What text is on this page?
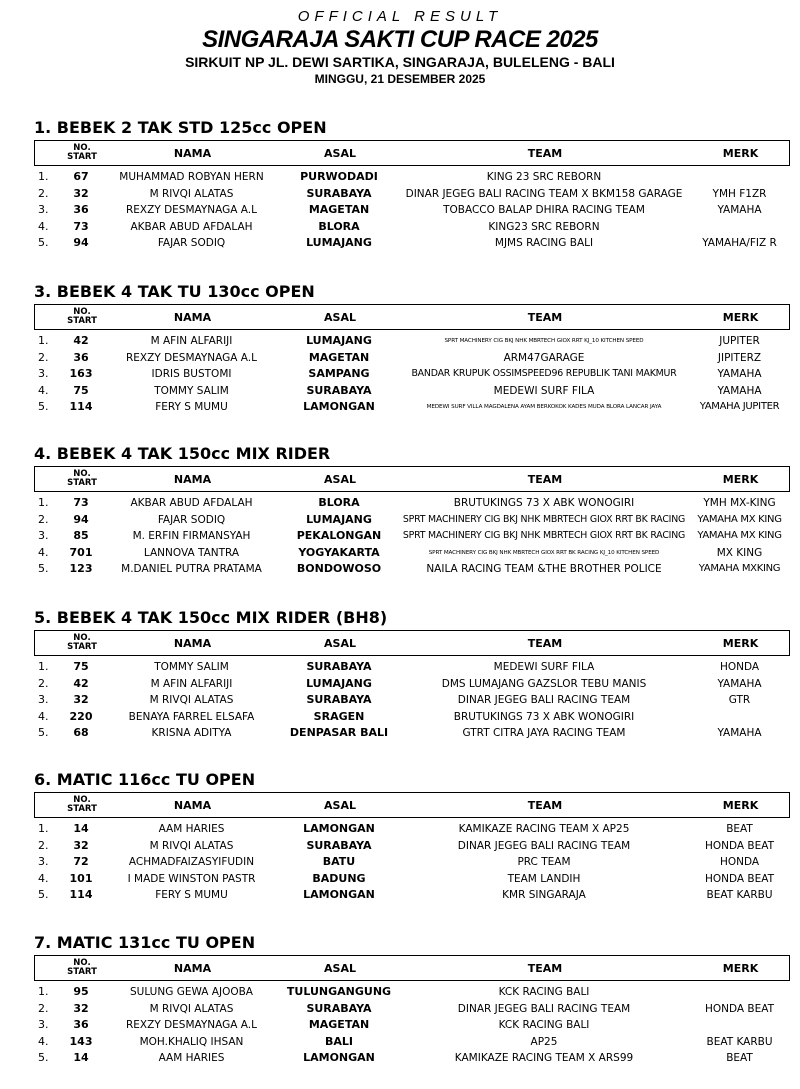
OFFICIAL RESULT
SINGARAJA SAKTI CUP RACE 2025
SIRKUIT NP JL. DEWI SARTIKA, SINGARAJA, BULELENG - BALI
MINGGU, 21 DESEMBER 2025
1. BEBEK 2 TAK STD 125cc OPEN
NO.
START	NAMA	ASAL	TEAM	MERK
1.	67	MUHAMMAD ROBYAN HERN	PURWODADI	KING 23 SRC REBORN
2.	32	M RIVQI ALATAS	SURABAYA	DINAR JEGEG BALI RACING TEAM X BKM158 GARAGE	YMH F1ZR
3.	36	REXZY DESMAYNAGA A.L	MAGETAN	TOBACCO BALAP DHIRA RACING TEAM	YAMAHA
4.	73	AKBAR ABUD AFDALAH	BLORA	KING23 SRC REBORN
5.	94	FAJAR SODIQ	LUMAJANG	MJMS RACING BALI	YAMAHA/FIZ R
3. BEBEK 4 TAK TU 130cc OPEN
NO.
START	NAMA	ASAL	TEAM	MERK
1.	42	M AFIN ALFARIJI	LUMAJANG	SPRT MACHINERY CIG BKJ NHK MBRTECH GIOX RRT KJ_10 KITCHEN SPEED	JUPITER
2.	36	REXZY DESMAYNAGA A.L	MAGETAN	ARM47GARAGE	JIPITERZ
3.	163	IDRIS BUSTOMI	SAMPANG	BANDAR KRUPUK OSSIMSPEED96 REPUBLIK TANI MAKMUR	YAMAHA
4.	75	TOMMY SALIM	SURABAYA	MEDEWI SURF FILA	YAMAHA
5.	114	FERY S MUMU	LAMONGAN	MEDEWI SURF VILLA MAGDALENA AYAM BERKOKOK KADES MUDA BLORA LANCAR JAYA	YAMAHA JUPITER
4. BEBEK 4 TAK 150cc MIX RIDER
NO.
START	NAMA	ASAL	TEAM	MERK
1.	73	AKBAR ABUD AFDALAH	BLORA	BRUTUKINGS 73 X ABK WONOGIRI	YMH MX-KING
2.	94	FAJAR SODIQ	LUMAJANG	SPRT MACHINERY CIG BKJ NHK MBRTECH GIOX RRT BK RACING	YAMAHA MX KING
3.	85	M. ERFIN FIRMANSYAH	PEKALONGAN	SPRT MACHINERY CIG BKJ NHK MBRTECH GIOX RRT BK RACING	YAMAHA MX KING
4.	701	LANNOVA TANTRA	YOGYAKARTA	SPRT MACHINERY CIG BKJ NHK MBRTECH GIOX RRT BK RACING KJ_10 KITCHEN SPEED	MX KING
5.	123	M.DANIEL PUTRA PRATAMA	BONDOWOSO	NAILA RACING TEAM &THE BROTHER POLICE	YAMAHA MXKING
5. BEBEK 4 TAK 150cc MIX RIDER (BH8)
NO.
START	NAMA	ASAL	TEAM	MERK
1.	75	TOMMY SALIM	SURABAYA	MEDEWI SURF FILA	HONDA
2.	42	M AFIN ALFARIJI	LUMAJANG	DMS LUMAJANG GAZSLOR TEBU MANIS	YAMAHA
3.	32	M RIVQI ALATAS	SURABAYA	DINAR JEGEG BALI RACING TEAM	GTR
4.	220	BENAYA FARREL ELSAFA	SRAGEN	BRUTUKINGS 73 X ABK WONOGIRI
5.	68	KRISNA ADITYA	DENPASAR BALI	GTRT CITRA JAYA RACING TEAM	YAMAHA
6. MATIC 116cc TU OPEN
NO.
START	NAMA	ASAL	TEAM	MERK
1.	14	AAM HARIES	LAMONGAN	KAMIKAZE RACING TEAM X AP25	BEAT
2.	32	M RIVQI ALATAS	SURABAYA	DINAR JEGEG BALI RACING TEAM	HONDA BEAT
3.	72	ACHMADFAIZASYIFUDIN	BATU	PRC TEAM	HONDA
4.	101	I MADE WINSTON PASTR	BADUNG	TEAM LANDIH	HONDA BEAT
5.	114	FERY S MUMU	LAMONGAN	KMR SINGARAJA	BEAT KARBU
7. MATIC 131cc TU OPEN
NO.
START	NAMA	ASAL	TEAM	MERK
1.	95	SULUNG GEWA AJOOBA	TULUNGANGUNG	KCK RACING BALI
2.	32	M RIVQI ALATAS	SURABAYA	DINAR JEGEG BALI RACING TEAM	HONDA BEAT
3.	36	REXZY DESMAYNAGA A.L	MAGETAN	KCK RACING BALI
4.	143	MOH.KHALIQ IHSAN	BALI	AP25	BEAT KARBU
5.	14	AAM HARIES	LAMONGAN	KAMIKAZE RACING TEAM X ARS99	BEAT
